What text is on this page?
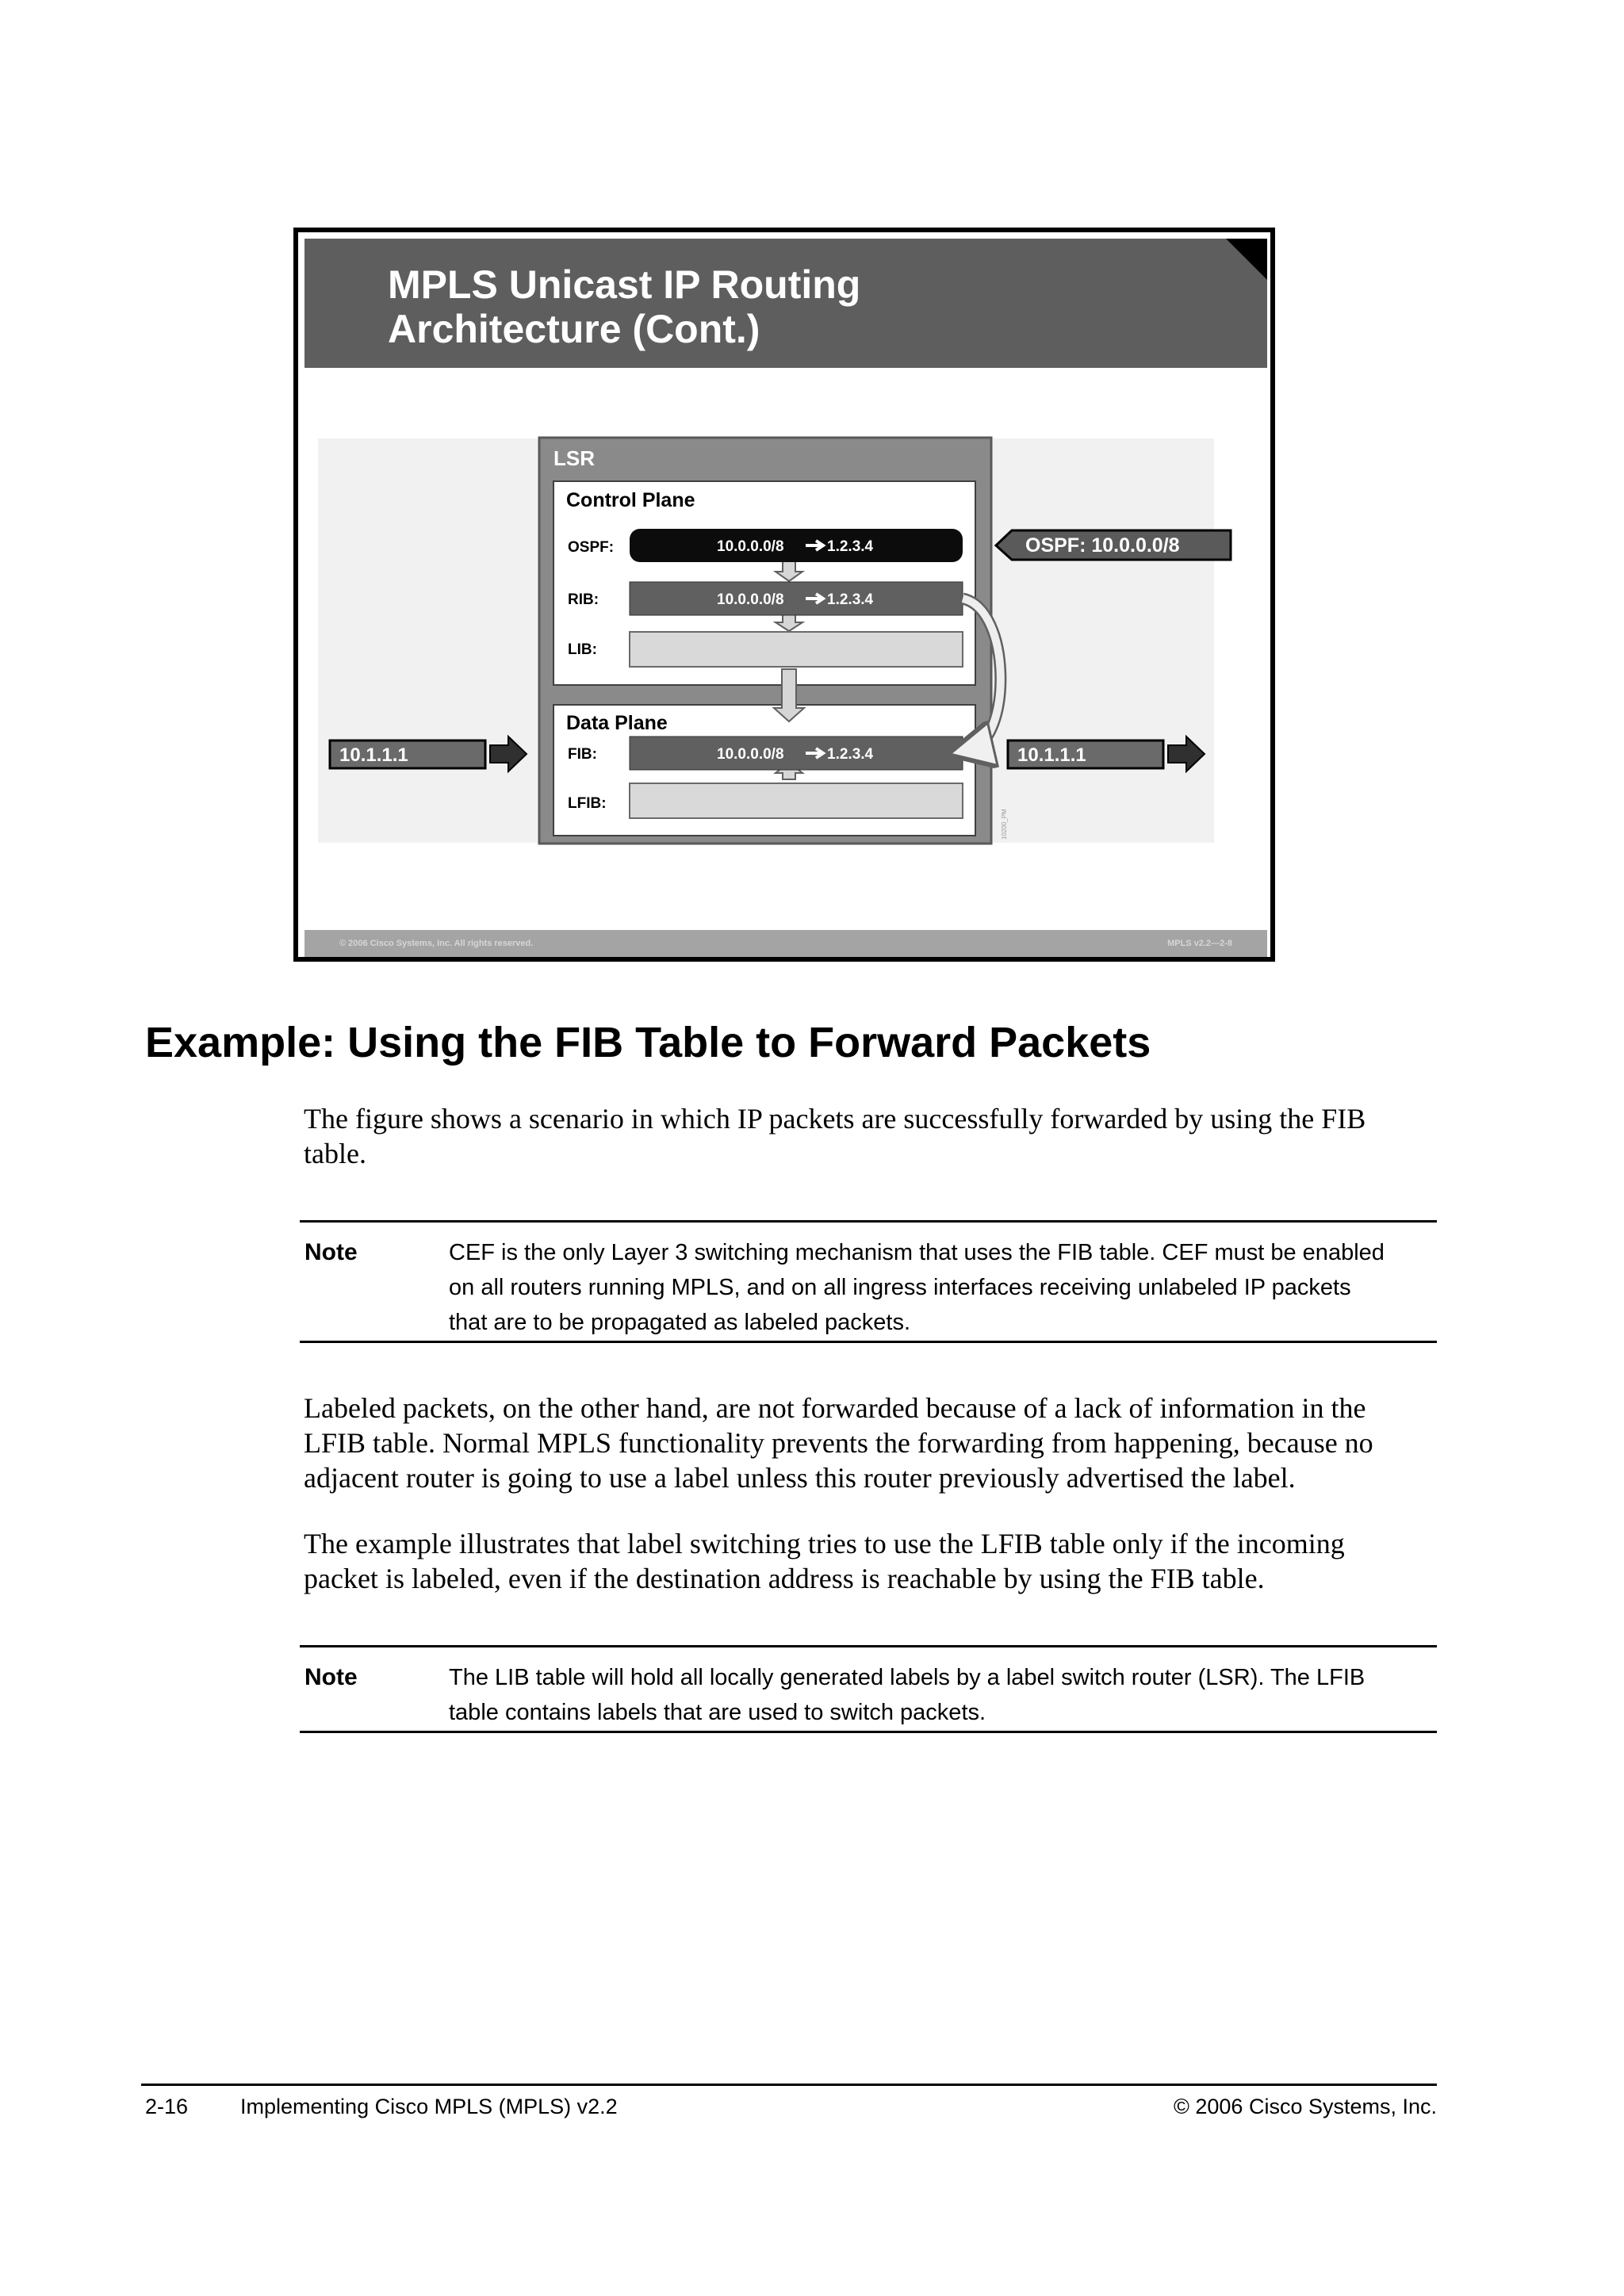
MPLS Unicast IP Routing
Architecture (Cont.)
LSR
Control Plane
Data Plane
OSPF:	10.0.0.0/8	1.2.3.4
RIB:	10.0.0.0/8	1.2.3.4
LIB:
FIB:	10.0.0.0/8	1.2.3.4
LFIB:
OSPF: 10.0.0.0/8
10.1.1.1	10.1.1.1
10200_PM
© 2006 Cisco Systems, Inc. All rights reserved.	MPLS v2.2—2-8
Example: Using the FIB Table to Forward Packets

The figure shows a scenario in which IP packets are successfully forwarded by using the FIB
table.

Note	CEF is the only Layer 3 switching mechanism that uses the FIB table. CEF must be enabled
on all routers running MPLS, and on all ingress interfaces receiving unlabeled IP packets
that are to be propagated as labeled packets.

Labeled packets, on the other hand, are not forwarded because of a lack of information in the
LFIB table. Normal MPLS functionality prevents the forwarding from happening, because no
adjacent router is going to use a label unless this router previously advertised the label.

The example illustrates that label switching tries to use the LFIB table only if the incoming
packet is labeled, even if the destination address is reachable by using the FIB table.

Note	The LIB table will hold all locally generated labels by a label switch router (LSR). The LFIB
table contains labels that are used to switch packets.

2-16 Implementing Cisco MPLS (MPLS) v2.2	© 2006 Cisco Systems, Inc.
